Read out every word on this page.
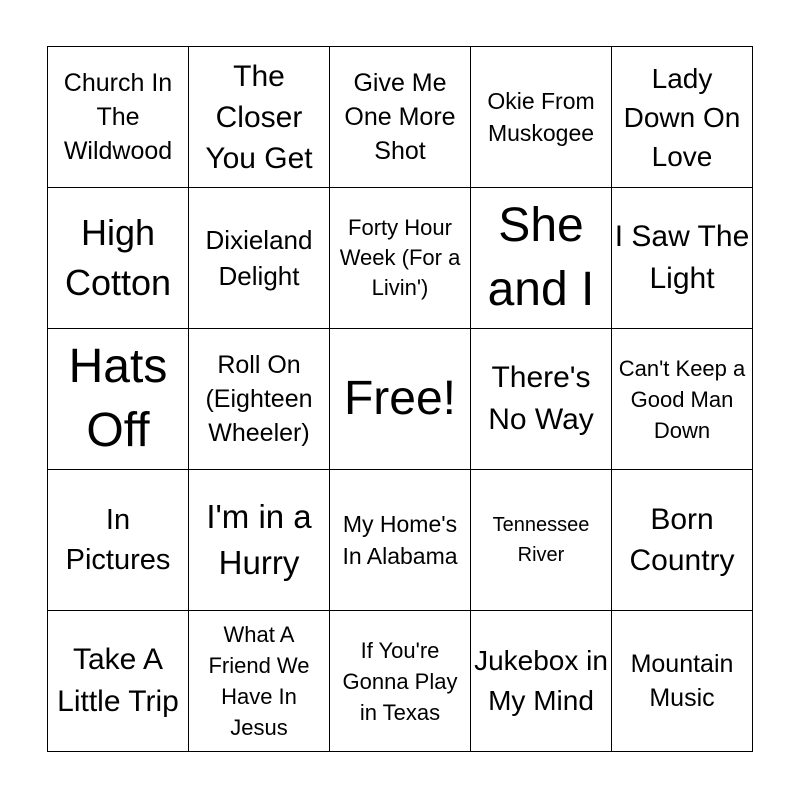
Church In The Wildwood
The Closer You Get
Give Me One More Shot
Okie From Muskogee
Lady Down On Love
High Cotton
Dixieland Delight
Forty Hour Week (For a Livin')
She and I
I Saw The Light
Hats Off
Roll On (Eighteen Wheeler)
Free!	There's No Way
Can't Keep a Good Man Down
In Pictures
I'm in a Hurry
My Home's In Alabama
Tennessee River
Born Country
Take A Little Trip
What A Friend We Have In Jesus
If You're Gonna Play in Texas
Jukebox in My Mind
Mountain Music
